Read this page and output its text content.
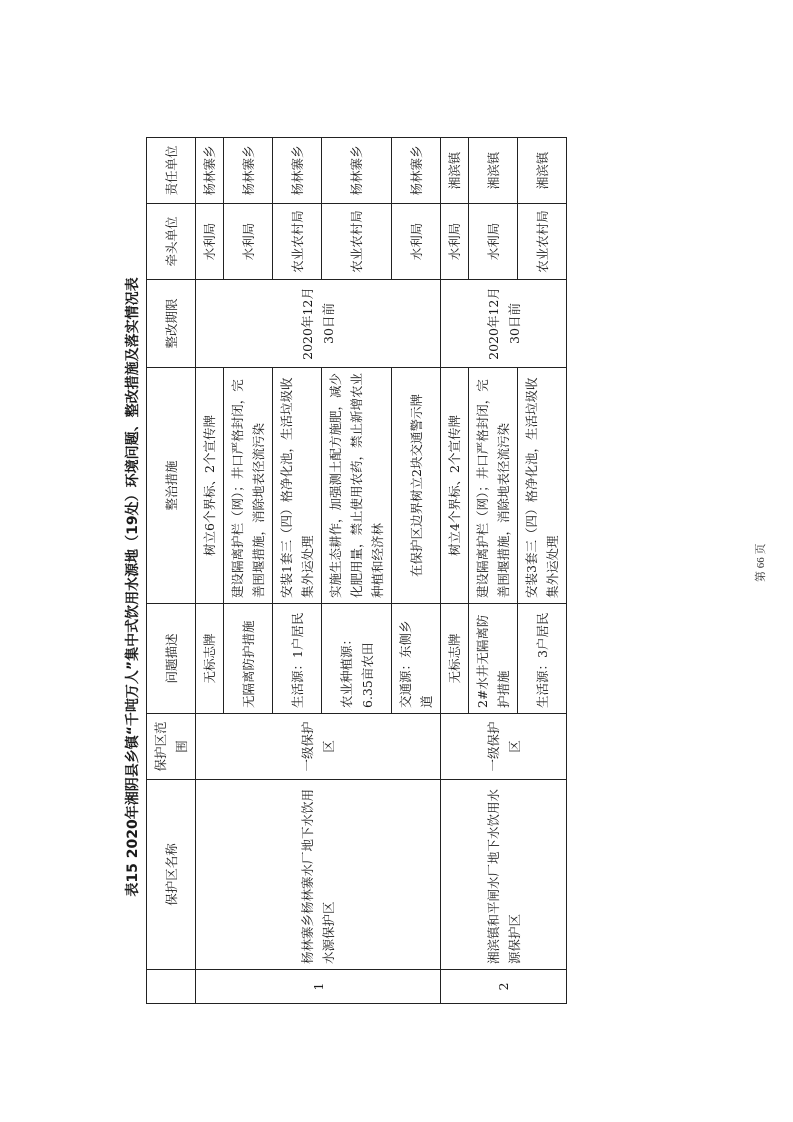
表15 2020年湘阴县乡镇“千吨万人”集中式饮用水源地（19处）环境问题、整改措施及落实情况表
	保护区名称	保护区范围	问题描述	整治措施	整改期限	牵头单位	责任单位
1	杨林寨乡杨林寨水厂地下水饮用水源保护区	一级保护区	无标志牌	树立6个界标、2个宣传牌	2020年12月30日前	水利局	杨林寨乡
			无隔离防护措施	建设隔离护栏（网）；井口严格封闭，完善围堰措施，消除地表径流污染		水利局	杨林寨乡
			生活源：1户居民	安装1套三（四）格净化池，生活垃圾收集外运处理		农业农村局	杨林寨乡
			农业种植源：6.35亩农田	实施生态耕作，加强测土配方施肥，减少化肥用量，禁止使用农药，禁止新增农业种植和经济林		农业农村局	杨林寨乡
			交通源：东侧乡道	在保护区边界树立2块交通警示牌		水利局	杨林寨乡
2	湘滨镇和平闸水厂地下水饮用水源保护区	一级保护区	无标志牌	树立4个界标、2个宣传牌	2020年12月30日前	水利局	湘滨镇
			2#水井无隔离防护措施	建设隔离护栏（网）；井口严格封闭，完善围堰措施，消除地表径流污染		水利局	湘滨镇
			生活源：3户居民	安装3套三（四）格净化池，生活垃圾收集外运处理		农业农村局	湘滨镇
第 66 页
